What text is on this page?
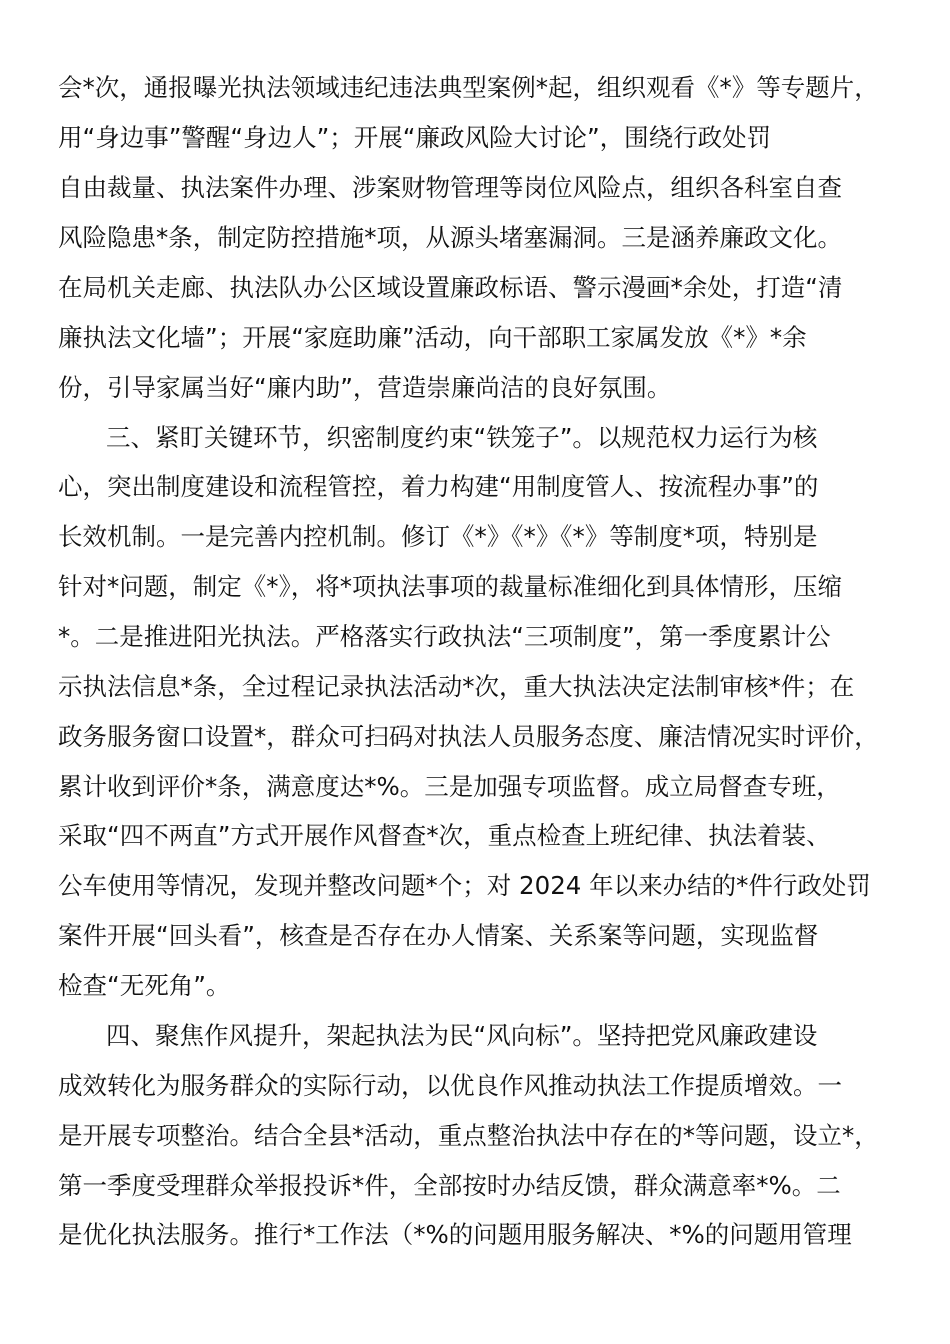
会*次，通报曝光执法领域违纪违法典型案例*起，组织观看《*》等专题片，
用“身边事”警醒“身边人”；开展“廉政风险大讨论”，围绕行政处罚
自由裁量、执法案件办理、涉案财物管理等岗位风险点，组织各科室自查
风险隐患*条，制定防控措施*项，从源头堵塞漏洞。三是涵养廉政文化。
在局机关走廊、执法队办公区域设置廉政标语、警示漫画*余处，打造“清
廉执法文化墙”；开展“家庭助廉”活动，向干部职工家属发放《*》*余
份，引导家属当好“廉内助”，营造崇廉尚洁的良好氛围。
三、紧盯关键环节，织密制度约束“铁笼子”。以规范权力运行为核
心，突出制度建设和流程管控，着力构建“用制度管人、按流程办事”的
长效机制。一是完善内控机制。修订《*》《*》《*》等制度*项，特别是
针对*问题，制定《*》，将*项执法事项的裁量标准细化到具体情形，压缩
*。二是推进阳光执法。严格落实行政执法“三项制度”，第一季度累计公
示执法信息*条，全过程记录执法活动*次，重大执法决定法制审核*件；在
政务服务窗口设置*，群众可扫码对执法人员服务态度、廉洁情况实时评价，
累计收到评价*条，满意度达*%。三是加强专项监督。成立局督查专班，
采取“四不两直”方式开展作风督查*次，重点检查上班纪律、执法着装、
公车使用等情况，发现并整改问题*个；对 2024 年以来办结的*件行政处罚
案件开展“回头看”，核查是否存在办人情案、关系案等问题，实现监督
检查“无死角”。
四、聚焦作风提升，架起执法为民“风向标”。坚持把党风廉政建设
成效转化为服务群众的实际行动，以优良作风推动执法工作提质增效。一
是开展专项整治。结合全县*活动，重点整治执法中存在的*等问题，设立*，
第一季度受理群众举报投诉*件，全部按时办结反馈，群众满意率*%。二
是优化执法服务。推行*工作法（*%的问题用服务解决、*%的问题用管理
